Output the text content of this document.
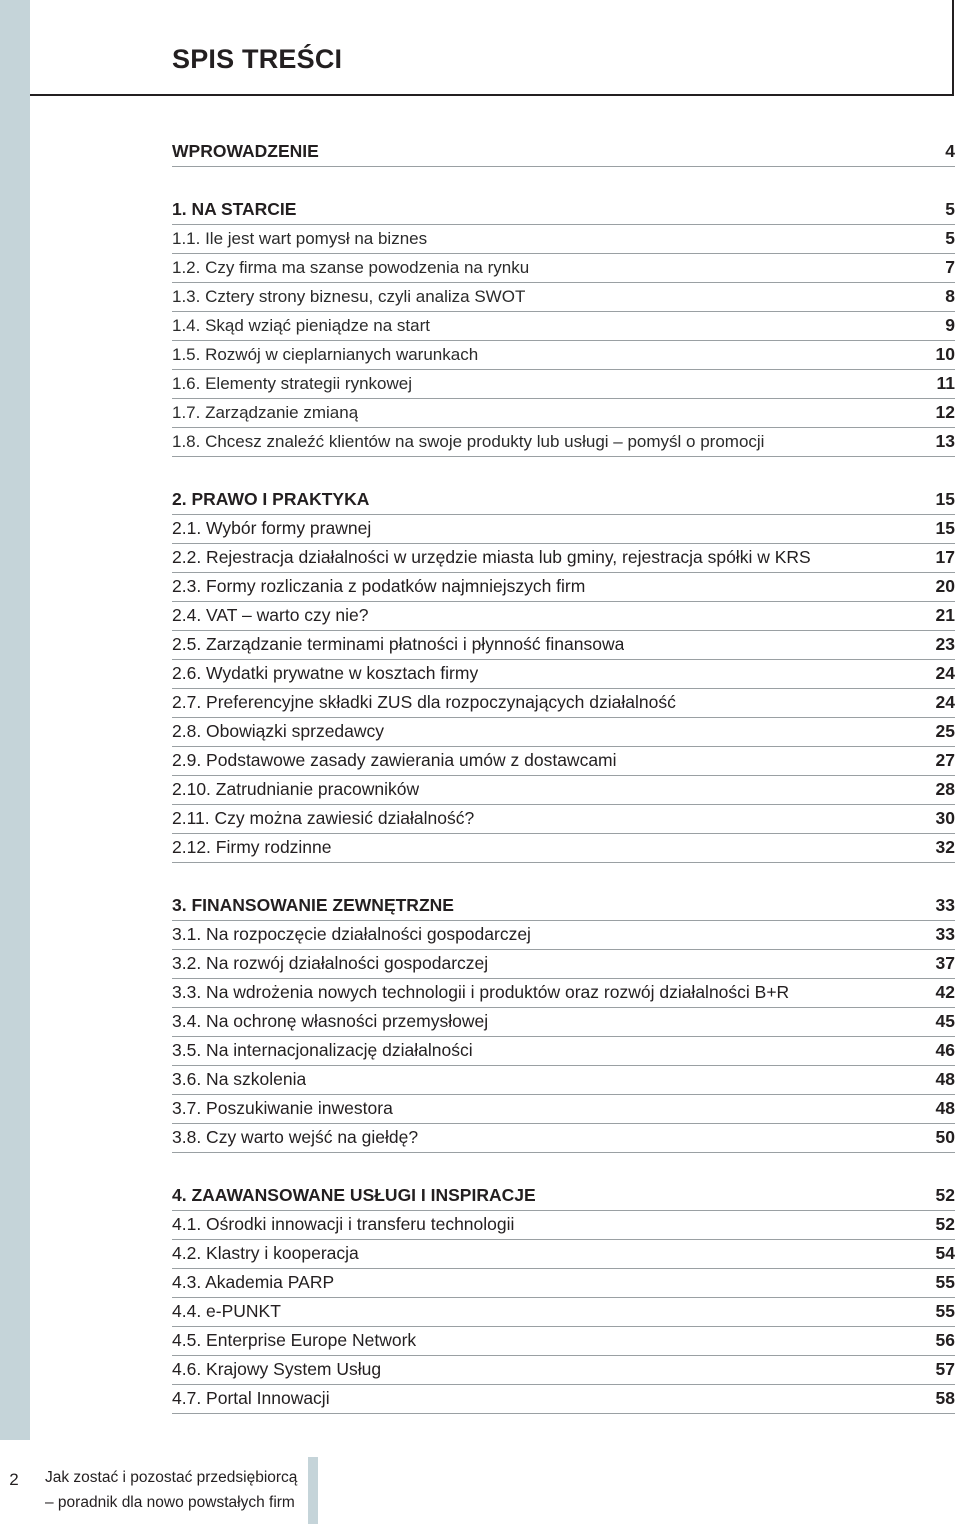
SPIS TREŚCI
WPROWADZENIE	4
1. NA STARCIE	5
1.1. Ile jest wart pomysł na biznes	5
1.2. Czy firma ma szanse powodzenia na rynku	7
1.3. Cztery strony biznesu, czyli analiza SWOT	8
1.4. Skąd wziąć pieniądze na start	9
1.5. Rozwój w cieplarnianych warunkach	10
1.6. Elementy strategii rynkowej	11
1.7. Zarządzanie zmianą	12
1.8. Chcesz znaleźć klientów na swoje produkty lub usługi – pomyśl o promocji	13
2. PRAWO I PRAKTYKA	15
2.1. Wybór formy prawnej	15
2.2. Rejestracja działalności w urzędzie miasta lub gminy, rejestracja spółki w KRS	17
2.3. Formy rozliczania z podatków najmniejszych firm	20
2.4. VAT – warto czy nie?	21
2.5. Zarządzanie terminami płatności i płynność finansowa	23
2.6. Wydatki prywatne w kosztach firmy	24
2.7. Preferencyjne składki ZUS dla rozpoczynających działalność	24
2.8. Obowiązki sprzedawcy	25
2.9. Podstawowe zasady zawierania umów z dostawcami	27
2.10. Zatrudnianie pracowników	28
2.11. Czy można zawiesić działalność?	30
2.12. Firmy rodzinne	32
3. FINANSOWANIE ZEWNĘTRZNE	33
3.1. Na rozpoczęcie działalności gospodarczej	33
3.2. Na rozwój działalności gospodarczej	37
3.3. Na wdrożenia nowych technologii i produktów oraz rozwój działalności B+R	42
3.4. Na ochronę własności przemysłowej	45
3.5. Na internacjonalizację działalności	46
3.6. Na szkolenia	48
3.7. Poszukiwanie inwestora	48
3.8. Czy warto wejść na giełdę?	50
4. ZAAWANSOWANE USŁUGI I INSPIRACJE	52
4.1. Ośrodki innowacji i transferu technologii	52
4.2. Klastry i kooperacja	54
4.3. Akademia PARP	55
4.4. e-PUNKT	55
4.5. Enterprise Europe Network	56
4.6. Krajowy System Usług	57
4.7. Portal Innowacji	58
2	Jak zostać i pozostać przedsiębiorcą
– poradnik dla nowo powstałych firm
